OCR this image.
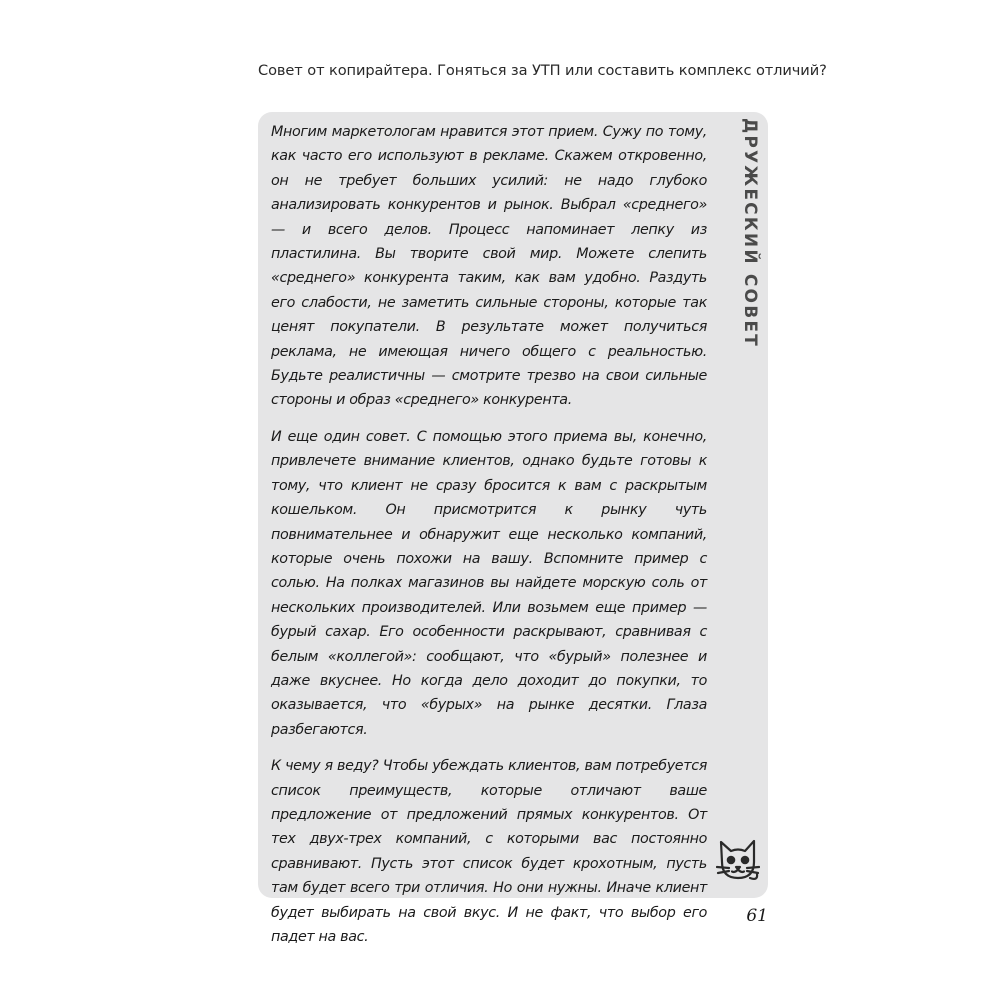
Совет от копирайтера. Гоняться за УТП или составить комплекс отличий?

Многим маркетологам нравится этот прием. Сужу по тому, как часто его используют в рекламе. Скажем откровенно, он не требует больших усилий: не надо глубоко анализировать конкурентов и рынок. Выбрал «среднего» — и всего делов. Процесс напоминает лепку из пластилина. Вы творите свой мир. Можете слепить «среднего» конкурента таким, как вам удобно. Раздуть его слабости, не заметить сильные стороны, которые так ценят покупатели. В результате может получиться реклама, не имеющая ничего общего с реальностью. Будьте реалистичны — смотрите трезво на свои сильные стороны и образ «среднего» конкурента.

И еще один совет. С помощью этого приема вы, конечно, привлечете внимание клиентов, однако будьте готовы к тому, что клиент не сразу бросится к вам с раскрытым кошельком. Он присмотрится к рынку чуть повнимательнее и обнаружит еще несколько компаний, которые очень похожи на вашу. Вспомните пример с солью. На полках магазинов вы найдете морскую соль от нескольких производителей. Или возьмем еще пример — бурый сахар. Его особенности раскрывают, сравнивая с белым «коллегой»: сообщают, что «бурый» полезнее и даже вкуснее. Но когда дело доходит до покупки, то оказывается, что «бурых» на рынке десятки. Глаза разбегаются.

К чему я веду? Чтобы убеждать клиентов, вам потребуется список преимуществ, которые отличают ваше предложение от предложений прямых конкурентов. От тех двух-трех компаний, с которыми вас постоянно сравнивают. Пусть этот список будет крохотным, пусть там будет всего три отличия. Но они нужны. Иначе клиент будет выбирать на свой вкус. И не факт, что выбор его падет на вас.

ДРУЖЕСКИЙ СОВЕТ
61
